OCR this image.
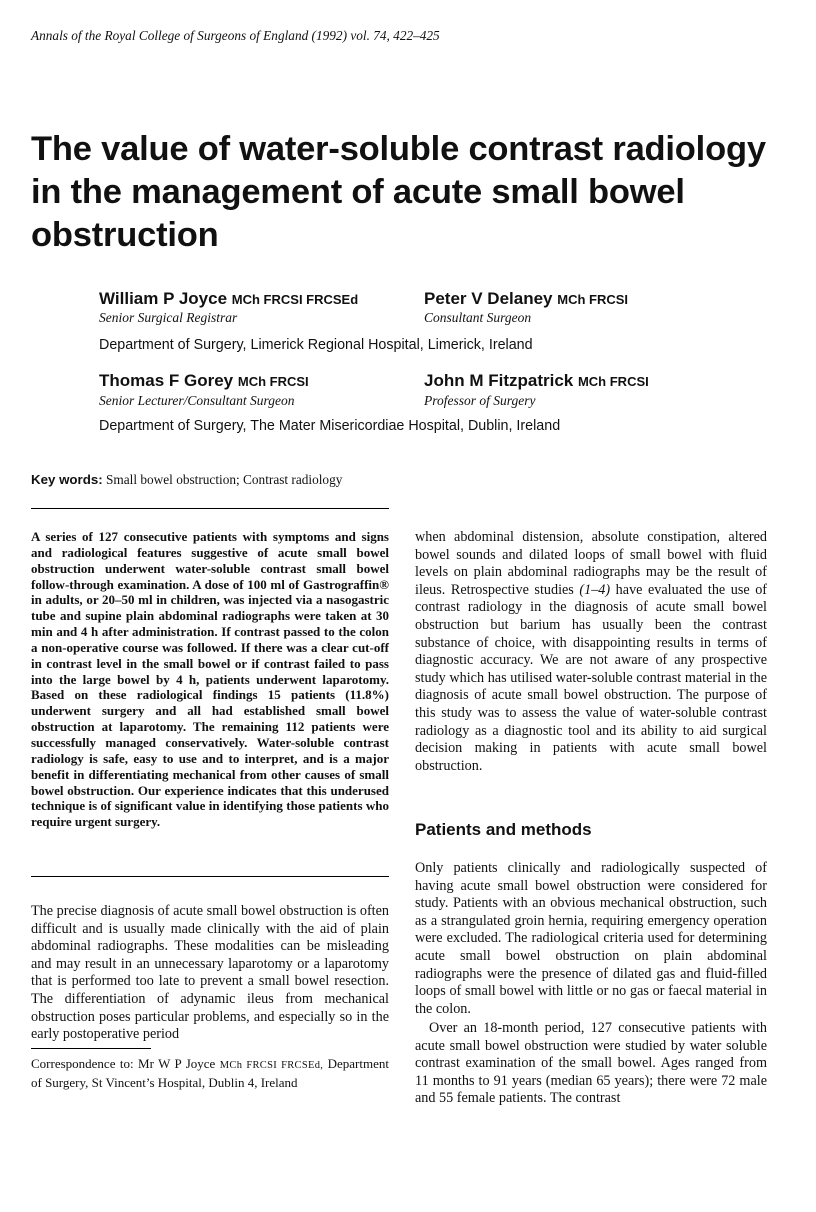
Annals of the Royal College of Surgeons of England (1992) vol. 74, 422–425
The value of water-soluble contrast radiology in the management of acute small bowel obstruction
William P Joyce MCh FRCSI FRCSEd
Senior Surgical Registrar
Peter V Delaney MCh FRCSI
Consultant Surgeon
Department of Surgery, Limerick Regional Hospital, Limerick, Ireland
Thomas F Gorey MCh FRCSI
Senior Lecturer/Consultant Surgeon
John M Fitzpatrick MCh FRCSI
Professor of Surgery
Department of Surgery, The Mater Misericordiae Hospital, Dublin, Ireland
Key words: Small bowel obstruction; Contrast radiology

A series of 127 consecutive patients with symptoms and signs and radiological features suggestive of acute small bowel obstruction underwent water-soluble contrast small bowel follow-through examination. A dose of 100 ml of Gastrograffin® in adults, or 20–50 ml in children, was injected via a nasogastric tube and supine plain abdominal radiographs were taken at 30 min and 4 h after administration. If contrast passed to the colon a non-operative course was followed. If there was a clear cut-off in contrast level in the small bowel or if contrast failed to pass into the large bowel by 4 h, patients underwent laparotomy. Based on these radiological findings 15 patients (11.8%) underwent surgery and all had established small bowel obstruction at laparotomy. The remaining 112 patients were successfully managed conservatively. Water-soluble contrast radiology is safe, easy to use and to interpret, and is a major benefit in differentiating mechanical from other causes of small bowel obstruction. Our experience indicates that this underused technique is of significant value in identifying those patients who require urgent surgery.

The precise diagnosis of acute small bowel obstruction is often difficult and is usually made clinically with the aid of plain abdominal radiographs. These modalities can be misleading and may result in an unnecessary laparotomy or a laparotomy that is performed too late to prevent a small bowel resection. The differentiation of adynamic ileus from mechanical obstruction poses particular problems, and especially so in the early postoperative period

Correspondence to: Mr W P Joyce MCh FRCSI FRCSEd, Department of Surgery, St Vincent’s Hospital, Dublin 4, Ireland

when abdominal distension, absolute constipation, altered bowel sounds and dilated loops of small bowel with fluid levels on plain abdominal radiographs may be the result of ileus. Retrospective studies (1–4) have evaluated the use of contrast radiology in the diagnosis of acute small bowel obstruction but barium has usually been the contrast substance of choice, with disappointing results in terms of diagnostic accuracy. We are not aware of any prospective study which has utilised water-soluble contrast material in the diagnosis of acute small bowel obstruction. The purpose of this study was to assess the value of water-soluble contrast radiology as a diagnostic tool and its ability to aid surgical decision making in patients with acute small bowel obstruction.

Patients and methods

Only patients clinically and radiologically suspected of having acute small bowel obstruction were considered for study. Patients with an obvious mechanical obstruction, such as a strangulated groin hernia, requiring emergency operation were excluded. The radiological criteria used for determining acute small bowel obstruction on plain abdominal radiographs were the presence of dilated gas and fluid-filled loops of small bowel with little or no gas or faecal material in the colon.

Over an 18-month period, 127 consecutive patients with acute small bowel obstruction were studied by water soluble contrast examination of the small bowel. Ages ranged from 11 months to 91 years (median 65 years); there were 72 male and 55 female patients. The contrast
